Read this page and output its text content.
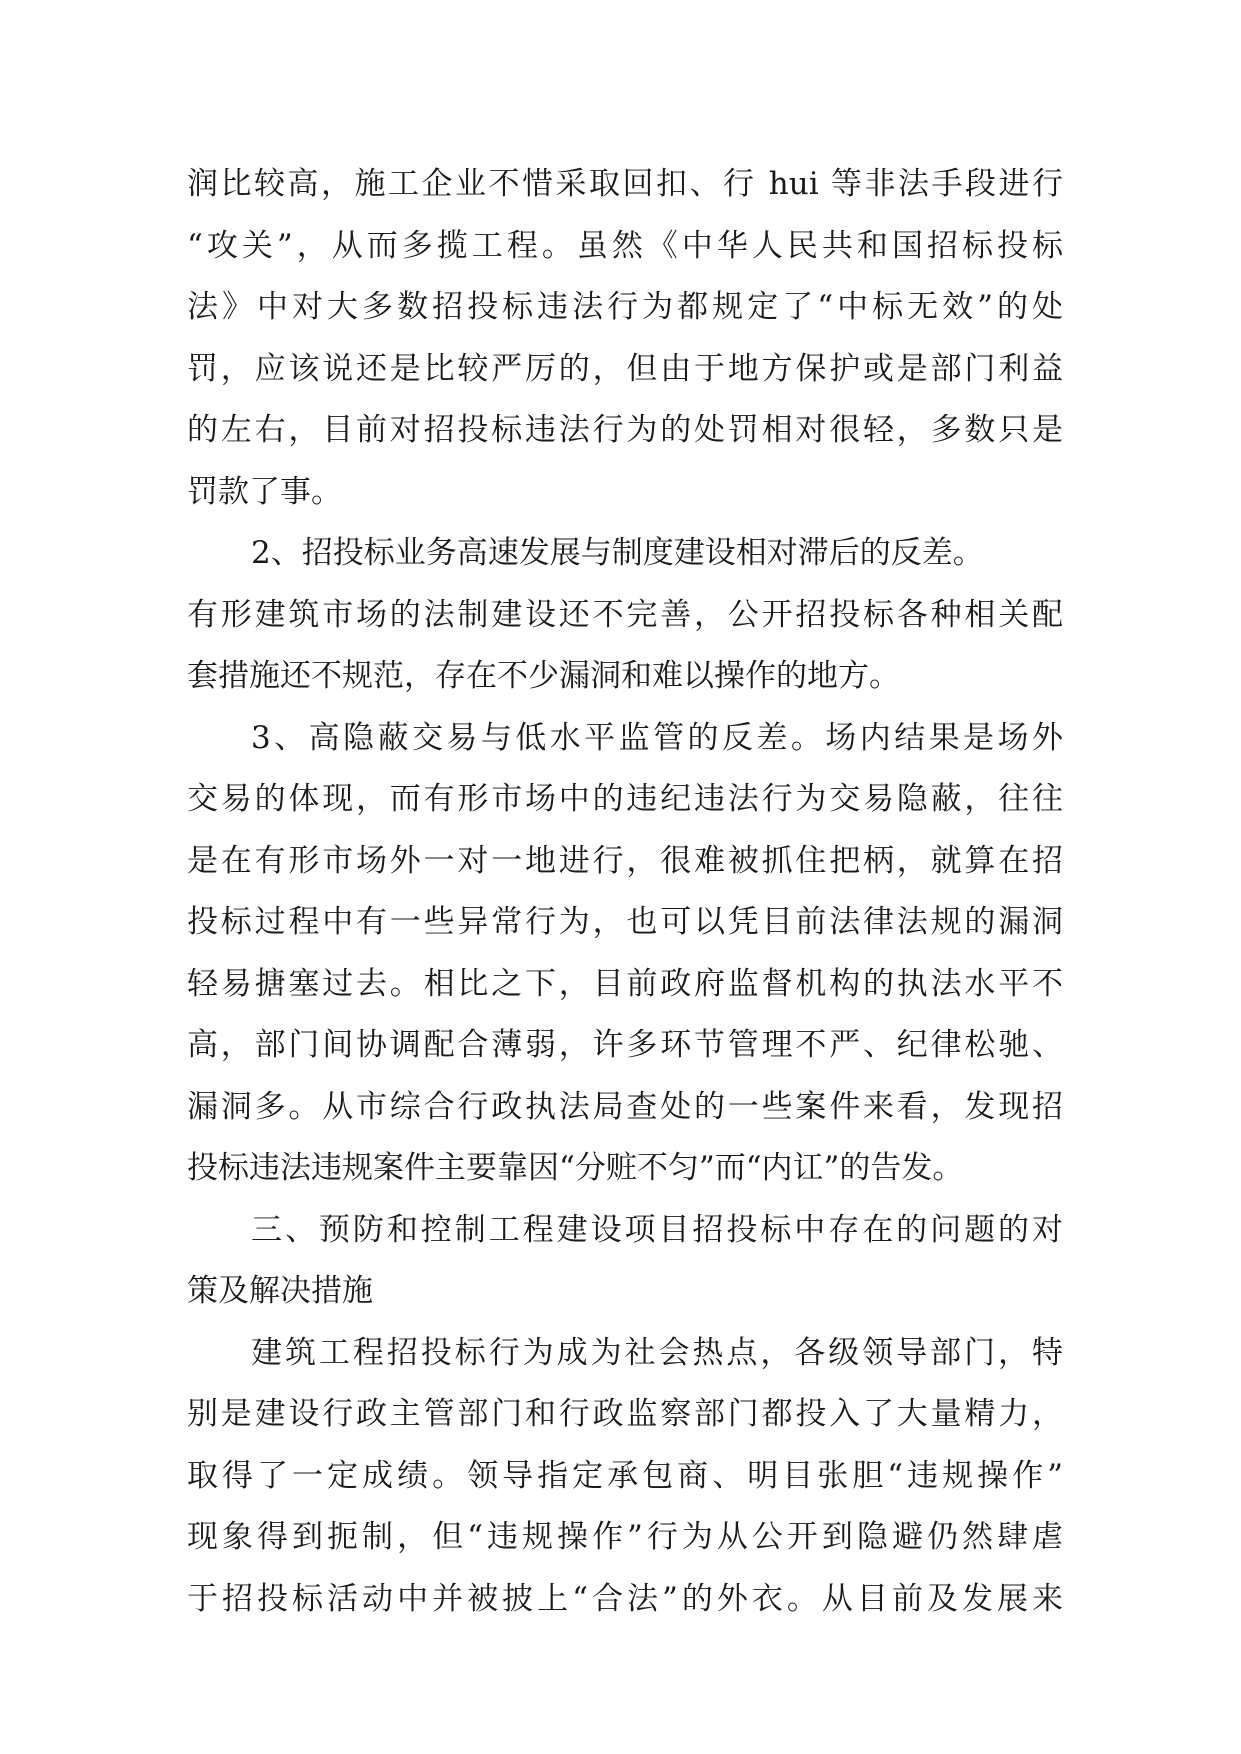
润比较高，施工企业不惜采取回扣、行 hui 等非法手段进行
“攻关”，从而多揽工程。虽然《中华人民共和国招标投标
法》中对大多数招投标违法行为都规定了“中标无效”的处
罚，应该说还是比较严厉的，但由于地方保护或是部门利益
的左右，目前对招投标违法行为的处罚相对很轻，多数只是
罚款了事。
2、招投标业务高速发展与制度建设相对滞后的反差。
有形建筑市场的法制建设还不完善，公开招投标各种相关配
套措施还不规范，存在不少漏洞和难以操作的地方。
3、高隐蔽交易与低水平监管的反差。场内结果是场外
交易的体现，而有形市场中的违纪违法行为交易隐蔽，往往
是在有形市场外一对一地进行，很难被抓住把柄，就算在招
投标过程中有一些异常行为，也可以凭目前法律法规的漏洞
轻易搪塞过去。相比之下，目前政府监督机构的执法水平不
高，部门间协调配合薄弱，许多环节管理不严、纪律松驰、
漏洞多。从市综合行政执法局查处的一些案件来看，发现招
投标违法违规案件主要靠因“分赃不匀”而“内讧”的告发。
三、预防和控制工程建设项目招投标中存在的问题的对
策及解决措施
建筑工程招投标行为成为社会热点，各级领导部门，特
别是建设行政主管部门和行政监察部门都投入了大量精力，
取得了一定成绩。领导指定承包商、明目张胆“违规操作”
现象得到扼制，但“违规操作”行为从公开到隐避仍然肆虐
于招投标活动中并被披上“合法”的外衣。从目前及发展来
